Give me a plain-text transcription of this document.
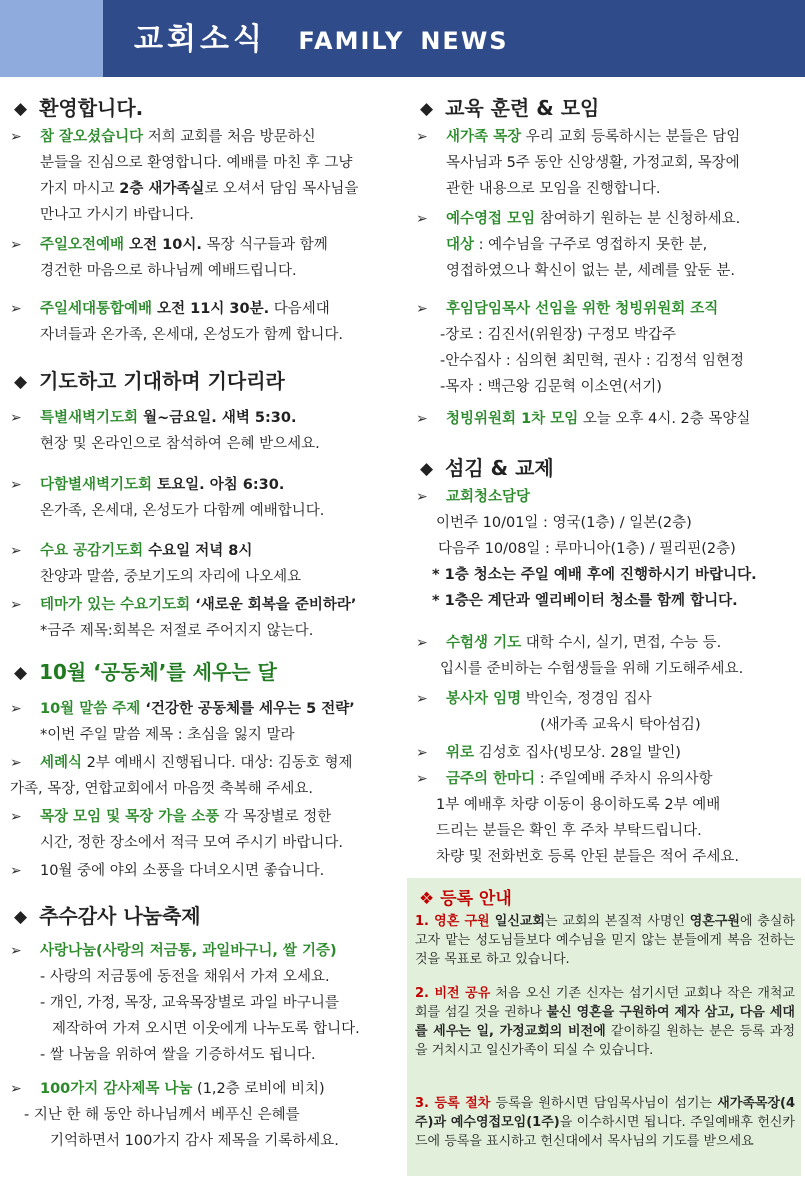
교회소식 FAMILY NEWS
◆ 환영합니다.
➢ 참 잘오셨습니다 저희 교회를 처음 방문하신
분들을 진심으로 환영합니다. 예배를 마친 후 그냥
가지 마시고 2층 새가족실로 오셔서 담임 목사님을
만나고 가시기 바랍니다.
➢ 주일오전예배 오전 10시. 목장 식구들과 함께
경건한 마음으로 하나님께 예배드립니다.
➢ 주일세대통합예배 오전 11시 30분. 다음세대
자녀들과 온가족, 온세대, 온성도가 함께 합니다.
◆ 기도하고 기대하며 기다리라
➢ 특별새벽기도회 월~금요일. 새벽 5:30.
현장 및 온라인으로 참석하여 은혜 받으세요.
➢ 다함별새벽기도회 토요일. 아침 6:30.
온가족, 온세대, 온성도가 다함께 예배합니다.
➢ 수요 공감기도회 수요일 저녁 8시
찬양과 말씀, 중보기도의 자리에 나오세요
➢ 테마가 있는 수요기도회 ‘새로운 회복을 준비하라’
*금주 제목:회복은 저절로 주어지지 않는다.
◆ 10월 ‘공동체’를 세우는 달
➢ 10월 말씀 주제 ‘건강한 공동체를 세우는 5 전략’
*이번 주일 말씀 제목 : 초심을 잃지 말라
➢ 세례식 2부 예배시 진행됩니다. 대상: 김동호 형제
가족, 목장, 연합교회에서 마음껏 축복해 주세요.
➢ 목장 모임 및 목장 가을 소풍 각 목장별로 정한
시간, 정한 장소에서 적극 모여 주시기 바랍니다.
➢ 10월 중에 야외 소풍을 다녀오시면 좋습니다.
◆ 추수감사 나눔축제
➢ 사랑나눔(사랑의 저금통, 과일바구니, 쌀 기증)
- 사랑의 저금통에 동전을 채워서 가져 오세요.
- 개인, 가정, 목장, 교육목장별로 과일 바구니를
제작하여 가져 오시면 이웃에게 나누도록 합니다.
- 쌀 나눔을 위하여 쌀을 기증하셔도 됩니다.
➢ 100가지 감사제목 나눔 (1,2층 로비에 비치)
- 지난 한 해 동안 하나님께서 베푸신 은혜를
기억하면서 100가지 감사 제목을 기록하세요.
◆ 교육 훈련 & 모임
➢ 새가족 목장 우리 교회 등록하시는 분들은 담임
목사님과 5주 동안 신앙생활, 가정교회, 목장에
관한 내용으로 모임을 진행합니다.
➢ 예수영접 모임 참여하기 원하는 분 신청하세요.
대상 : 예수님을 구주로 영접하지 못한 분,
영접하였으나 확신이 없는 분, 세례를 앞둔 분.
➢ 후임담임목사 선임을 위한 청빙위원회 조직
-장로 : 김진서(위원장) 구정모 박갑주
-안수집사 : 심의현 최민혁, 권사 : 김정석 임현정
-목자 : 백근왕 김문혁 이소연(서기)
➢ 청빙위원회 1차 모임 오늘 오후 4시. 2층 목양실
◆ 섬김 & 교제
➢ 교회청소담당
이번주 10/01일 : 영국(1층) / 일본(2층)
다음주 10/08일 : 루마니아(1층) / 필리핀(2층)
* 1층 청소는 주일 예배 후에 진행하시기 바랍니다.
* 1층은 계단과 엘리베이터 청소를 함께 합니다.
➢ 수험생 기도 대학 수시, 실기, 면접, 수능 등.
입시를 준비하는 수험생들을 위해 기도해주세요.
➢ 봉사자 임명 박인숙, 정경임 집사
(새가족 교육시 탁아섬김)
➢ 위로 김성호 집사(빙모상. 28일 발인)
➢ 금주의 한마디 : 주일예배 주차시 유의사항
1부 예배후 차량 이동이 용이하도록 2부 예배
드리는 분들은 확인 후 주차 부탁드립니다.
차량 및 전화번호 등록 안된 분들은 적어 주세요.
❖ 등록 안내
1. 영혼 구원 일신교회는 교회의 본질적 사명인 영혼구원에 충실하고자 맡는 성도님들보다 예수님을 믿지 않는 분들에게 복음 전하는 것을 목표로 하고 있습니다.
2. 비전 공유 처음 오신 기존 신자는 섬기시던 교회나 작은 개척교회를 섬길 것을 권하나 불신 영혼을 구원하여 제자 삼고, 다음 세대를 세우는 일, 가정교회의 비전에 같이하길 원하는 분은 등록 과정을 거치시고 일신가족이 되실 수 있습니다.
3. 등록 절차 등록을 원하시면 담임목사님이 섬기는 새가족목장(4주)과 예수영접모임(1주)을 이수하시면 됩니다. 주일예배후 헌신카드에 등록을 표시하고 헌신대에서 목사님의 기도를 받으세요
